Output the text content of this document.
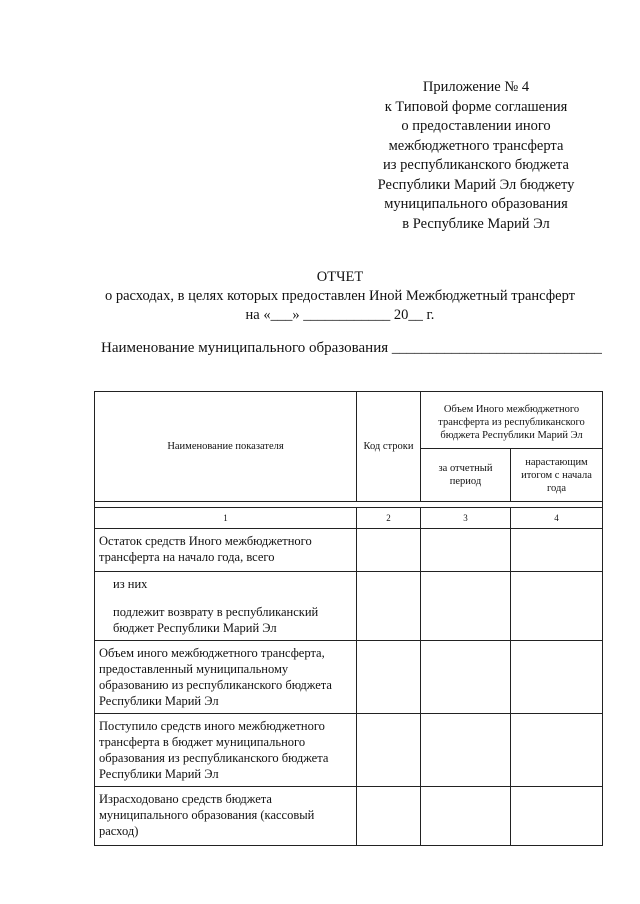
Приложение № 4
к Типовой форме соглашения
о предоставлении иного
межбюджетного трансферта
из республиканского бюджета
Республики Марий Эл бюджету
муниципального образования
в Республике Марий Эл
ОТЧЕТ
о расходах, в целях которых предоставлен Иной Межбюджетный трансферт
на «___» ____________ 20__ г.
Наименование муниципального образования ____________________________
Наименование показателя	Код строки	Объем Иного межбюджетного трансферта из республиканского бюджета Республики Марий Эл	
		за отчетный период	нарастающим итогом с начала года

1	2	3	4
Остаток средств Иного межбюджетного трансферта на начало года, всего			
из них
подлежит возврату в республиканский бюджет Республики Марий Эл			
Объем иного межбюджетного трансферта, предоставленный муниципальному образованию из республиканского бюджета Республики Марий Эл			
Поступило средств иного межбюджетного трансферта в бюджет муниципального образования из республиканского бюджета Республики Марий Эл			
Израсходовано средств бюджета муниципального образования (кассовый расход)			
